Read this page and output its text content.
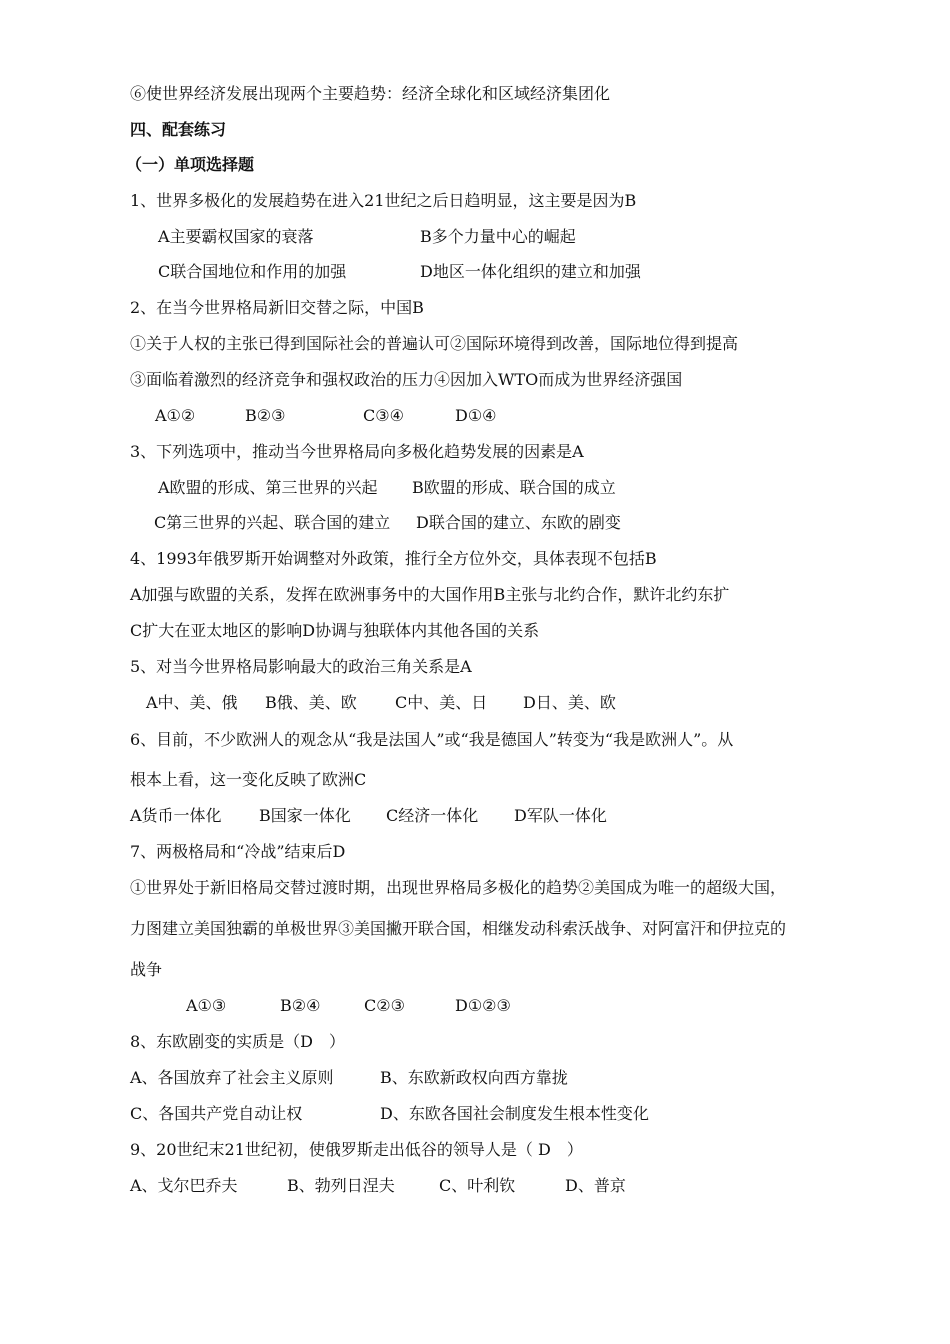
⑥使世界经济发展出现两个主要趋势：经济全球化和区域经济集团化
四、配套练习
（一）单项选择题
1、世界多极化的发展趋势在进入21世纪之后日趋明显，这主要是因为B
A主要霸权国家的衰落	B多个力量中心的崛起
C联合国地位和作用的加强	D地区一体化组织的建立和加强
2、在当今世界格局新旧交替之际，中国B
①关于人权的主张已得到国际社会的普遍认可②国际环境得到改善，国际地位得到提高
③面临着激烈的经济竞争和强权政治的压力④因加入WTO而成为世界经济强国
A①②	B②③	C③④	D①④
3、下列选项中，推动当今世界格局向多极化趋势发展的因素是A
A欧盟的形成、第三世界的兴起 B欧盟的形成、联合国的成立
C第三世界的兴起、联合国的建立 D联合国的建立、东欧的剧变
4、1993年俄罗斯开始调整对外政策，推行全方位外交，具体表现不包括B
A加强与欧盟的关系，发挥在欧洲事务中的大国作用B主张与北约合作，默许北约东扩
C扩大在亚太地区的影响D协调与独联体内其他各国的关系
5、对当今世界格局影响最大的政治三角关系是A
A中、美、俄 B俄、美、欧 C中、美、日 D日、美、欧
6、目前，不少欧洲人的观念从“我是法国人”或“我是德国人”转变为“我是欧洲人”。从
根本上看，这一变化反映了欧洲C
A货币一体化 B国家一体化 C经济一体化 D军队一体化
7、两极格局和“冷战”结束后D
①世界处于新旧格局交替过渡时期，出现世界格局多极化的趋势②美国成为唯一的超级大国，
力图建立美国独霸的单极世界③美国撇开联合国，相继发动科索沃战争、对阿富汗和伊拉克的
战争
A①③	B②④	C②③	D①②③
8、东欧剧变的实质是（D　）
A、各国放弃了社会主义原则	B、东欧新政权向西方靠拢
C、各国共产党自动让权	D、东欧各国社会制度发生根本性变化
9、20世纪末21世纪初，使俄罗斯走出低谷的领导人是（ D　）
A、戈尔巴乔夫	B、勃列日涅夫	C、叶利钦	D、普京
